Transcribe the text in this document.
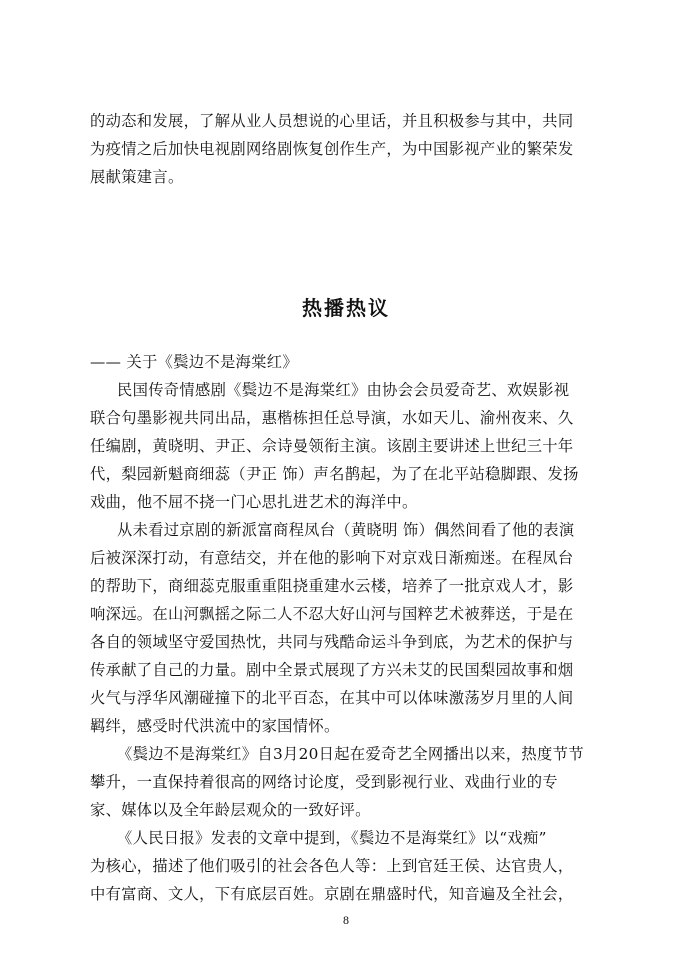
的动态和发展，了解从业人员想说的心里话，并且积极参与其中，共同

为疫情之后加快电视剧网络剧恢复创作生产，为中国影视产业的繁荣发

展献策建言。

热播热议

—— 关于《鬓边不是海棠红》

民国传奇情感剧《鬓边不是海棠红》由协会会员爱奇艺、欢娱影视

联合句墨影视共同出品，惠楷栋担任总导演，水如天儿、渝州夜来、久

任编剧，黄晓明、尹正、佘诗曼领衔主演。该剧主要讲述上世纪三十年

代，梨园新魁商细蕊（尹正 饰）声名鹊起，为了在北平站稳脚跟、发扬

戏曲，他不屈不挠一门心思扎进艺术的海洋中。

从未看过京剧的新派富商程凤台（黄晓明 饰）偶然间看了他的表演

后被深深打动，有意结交，并在他的影响下对京戏日渐痴迷。在程凤台

的帮助下，商细蕊克服重重阻挠重建水云楼，培养了一批京戏人才，影

响深远。在山河飘摇之际二人不忍大好山河与国粹艺术被葬送，于是在

各自的领域坚守爱国热忱，共同与残酷命运斗争到底，为艺术的保护与

传承献了自己的力量。剧中全景式展现了方兴未艾的民国梨园故事和烟

火气与浮华风潮碰撞下的北平百态，在其中可以体味激荡岁月里的人间

羁绊，感受时代洪流中的家国情怀。

《鬓边不是海棠红》自3月20日起在爱奇艺全网播出以来，热度节节

攀升，一直保持着很高的网络讨论度，受到影视行业、戏曲行业的专

家、媒体以及全年龄层观众的一致好评。

《人民日报》发表的文章中提到，《鬓边不是海棠红》以“戏痴”

为核心，描述了他们吸引的社会各色人等：上到官廷王侯、达官贵人，

中有富商、文人，下有底层百姓。京剧在鼎盛时代，知音遍及全社会，

8
